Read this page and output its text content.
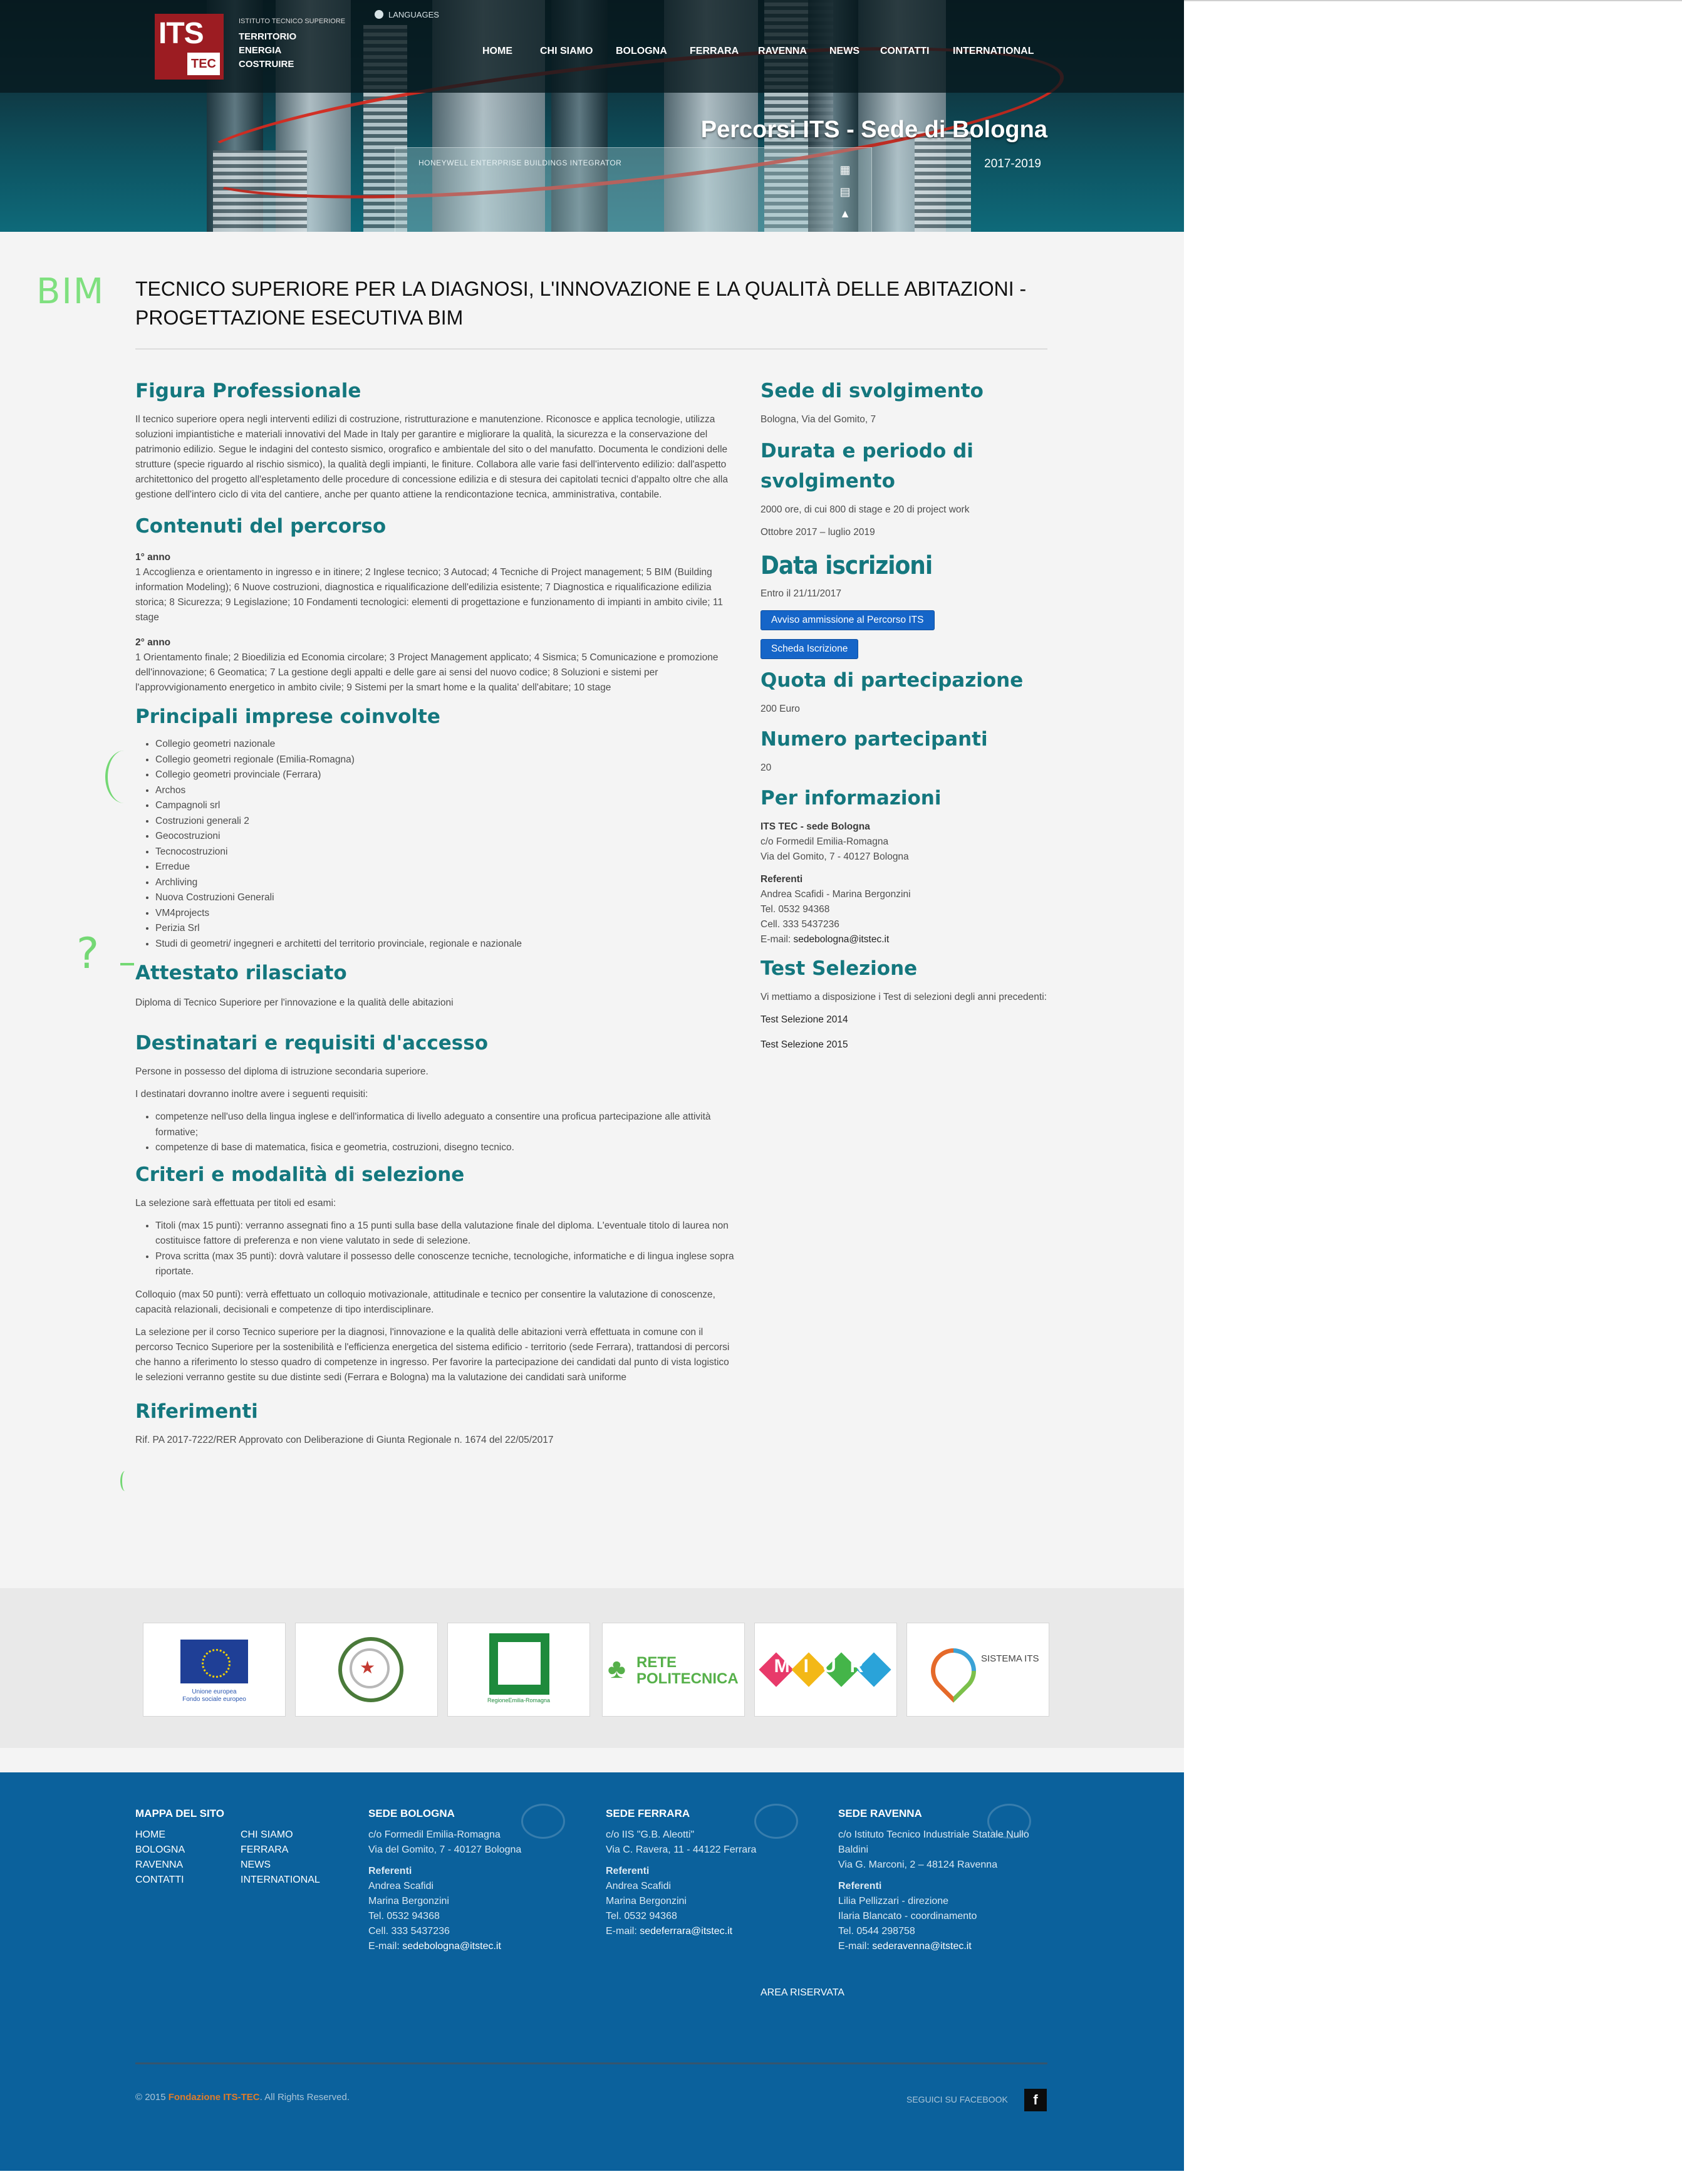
HONEYWELL ENTERPRISE BUILDINGS INTEGRATOR
▦
▤
▲
ITS
TEC
ISTITUTO TECNICO SUPERIORE
TERRITORIO
ENERGIA
COSTRUIRE
LANGUAGES
HOME	CHI SIAMO BOLOGNA FERRARA RAVENNA NEWS CONTATTI INTERNATIONAL
Percorsi ITS - Sede di Bologna
2017-2019
BIM TECNICO SUPERIORE PER LA DIAGNOSI, L'INNOVAZIONE E LA QUALITÀ DELLE ABITAZIONI - PROGETTAZIONE ESECUTIVA BIM
?
Figura Professionale

Il tecnico superiore opera negli interventi edilizi di costruzione, ristrutturazione e manutenzione. Riconosce e applica tecnologie, utilizza soluzioni impiantistiche e materiali innovativi del Made in Italy per garantire e migliorare la qualità, la sicurezza e la conservazione del patrimonio edilizio. Segue le indagini del contesto sismico, orografico e ambientale del sito o del manufatto. Documenta le condizioni delle strutture (specie riguardo al rischio sismico), la qualità degli impianti, le finiture. Collabora alle varie fasi dell'intervento edilizio: dall'aspetto architettonico del progetto all'espletamento delle procedure di concessione edilizia e di stesura dei capitolati tecnici d'appalto oltre che alla gestione dell'intero ciclo di vita del cantiere, anche per quanto attiene la rendicontazione tecnica, amministrativa, contabile.

Contenuti del percorso
1° anno

1 Accoglienza e orientamento in ingresso e in itinere; 2 Inglese tecnico; 3 Autocad; 4 Tecniche di Project management; 5 BIM (Building information Modeling); 6 Nuove costruzioni, diagnostica e riqualificazione dell'edilizia esistente; 7 Diagnostica e riqualificazione edilizia storica; 8 Sicurezza; 9 Legislazione; 10 Fondamenti tecnologici: elementi di progettazione e funzionamento di impianti in ambito civile; 11 stage

2° anno

1 Orientamento finale; 2 Bioedilizia ed Economia circolare; 3 Project Management applicato; 4 Sismica; 5 Comunicazione e promozione dell'innovazione; 6 Geomatica; 7 La gestione degli appalti e delle gare ai sensi del nuovo codice; 8 Soluzioni e sistemi per l'approvvigionamento energetico in ambito civile; 9 Sistemi per la smart home e la qualita' dell'abitare; 10 stage

Principali imprese coinvolte
• Collegio geometri nazionale
• Collegio geometri regionale (Emilia-Romagna)
• Collegio geometri provinciale (Ferrara)
• Archos
• Campagnoli srl
• Costruzioni generali 2
• Geocostruzioni
• Tecnocostruzioni
• Erredue
• Archliving
• Nuova Costruzioni Generali
• VM4projects
• Perizia Srl
• Studi di geometri/ ingegneri e architetti del territorio provinciale, regionale e nazionale
Attestato rilasciato

Diploma di Tecnico Superiore per l'innovazione e la qualità delle abitazioni

Destinatari e requisiti d'accesso

Persone in possesso del diploma di istruzione secondaria superiore.

I destinatari dovranno inoltre avere i seguenti requisiti:

• competenze nell'uso della lingua inglese e dell'informatica di livello adeguato a consentire una proficua partecipazione alle attività formative;
• competenze di base di matematica, fisica e geometria, costruzioni, disegno tecnico.
Criteri e modalità di selezione

La selezione sarà effettuata per titoli ed esami:

• Titoli (max 15 punti): verranno assegnati fino a 15 punti sulla base della valutazione finale del diploma. L'eventuale titolo di laurea non costituisce fattore di preferenza e non viene valutato in sede di selezione.
• Prova scritta (max 35 punti): dovrà valutare il possesso delle conoscenze tecniche, tecnologiche, informatiche e di lingua inglese sopra riportate.

Colloquio (max 50 punti): verrà effettuato un colloquio motivazionale, attitudinale e tecnico per consentire la valutazione di conoscenze, capacità relazionali, decisionali e competenze di tipo interdisciplinare.

La selezione per il corso Tecnico superiore per la diagnosi, l'innovazione e la qualità delle abitazioni verrà effettuata in comune con il percorso Tecnico Superiore per la sostenibilità e l'efficienza energetica del sistema edificio - territorio (sede Ferrara), trattandosi di percorsi che hanno a riferimento lo stesso quadro di competenze in ingresso. Per favorire la partecipazione dei candidati dal punto di vista logistico le selezioni verranno gestite su due distinte sedi (Ferrara e Bologna) ma la valutazione dei candidati sarà uniforme

Riferimenti

Rif. PA 2017-7222/RER Approvato con Deliberazione di Giunta Regionale n. 1674 del 22/05/2017

Sede di svolgimento

Bologna, Via del Gomito, 7

Durata e periodo di svolgimento

2000 ore, di cui 800 di stage e 20 di project work

Ottobre 2017 – luglio 2019

Data iscrizioni

Entro il 21/11/2017

Avviso ammissione al Percorso ITS
Scheda Iscrizione
Quota di partecipazione

200 Euro

Numero partecipanti

20

Per informazioni
ITS TEC - sede Bologna

c/o Formedil Emilia-Romagna

Via del Gomito, 7 - 40127 Bologna

Referenti

Andrea Scafidi - Marina Bergonzini

Tel. 0532 94368

Cell. 333 5437236

E-mail: sedebologna@itstec.it

Test Selezione

Vi mettiamo a disposizione i Test di selezioni degli anni precedenti:

Test Selezione 2014

Test Selezione 2015

Unione europea
Fondo sociale europeo
★
RegioneEmilia-Romagna
♣ RETE POLITECNICA
MIUR	SISTEMA ITS
MAPPA DEL SITO
HOME
BOLOGNA
RAVENNA
CONTATTI
CHI SIAMO
FERRARA
NEWS
INTERNATIONAL
SEDE BOLOGNA
c/o Formedil Emilia-Romagna
Via del Gomito, 7 - 40127 Bologna
Referenti
Andrea Scafidi
Marina Bergonzini
Tel. 0532 94368
Cell. 333 5437236
E-mail: sedebologna@itstec.it
SEDE FERRARA
c/o IIS "G.B. Aleotti"
Via C. Ravera, 11 - 44122 Ferrara
Referenti
Andrea Scafidi
Marina Bergonzini
Tel. 0532 94368
E-mail: sedeferrara@itstec.it
SEDE RAVENNA
c/o Istituto Tecnico Industriale Statale Nullo
Baldini
Via G. Marconi, 2 – 48124 Ravenna
Referenti
Lilia Pellizzari - direzione
Ilaria Blancato - coordinamento
Tel. 0544 298758
E-mail: sederavenna@itstec.it
AREA RISERVATA
© 2015 Fondazione ITS-TEC. All Rights Reserved.	SEGUICI SU FACEBOOK	f
